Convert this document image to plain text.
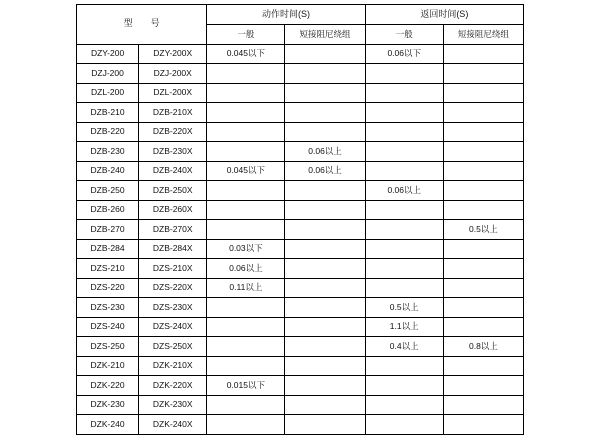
型　　号		动作时间(S)		返回时间(S)	
		一般	短接阻尼绕组	一般	短接阻尼绕组
DZY-200	DZY-200X	0.045以下		0.06以下	
DZJ-200	DZJ-200X				
DZL-200	DZL-200X				
DZB-210	DZB-210X				
DZB-220	DZB-220X				
DZB-230	DZB-230X		0.06以上		
DZB-240	DZB-240X	0.045以下	0.06以上		
DZB-250	DZB-250X			0.06以上	
DZB-260	DZB-260X				
DZB-270	DZB-270X				0.5以上
DZB-284	DZB-284X	0.03以下			
DZS-210	DZS-210X	0.06以上			
DZS-220	DZS-220X	0.11以上			
DZS-230	DZS-230X			0.5以上	
DZS-240	DZS-240X			1.1以上	
DZS-250	DZS-250X			0.4以上	0.8以上
DZK-210	DZK-210X				
DZK-220	DZK-220X	0.015以下			
DZK-230	DZK-230X				
DZK-240	DZK-240X				
